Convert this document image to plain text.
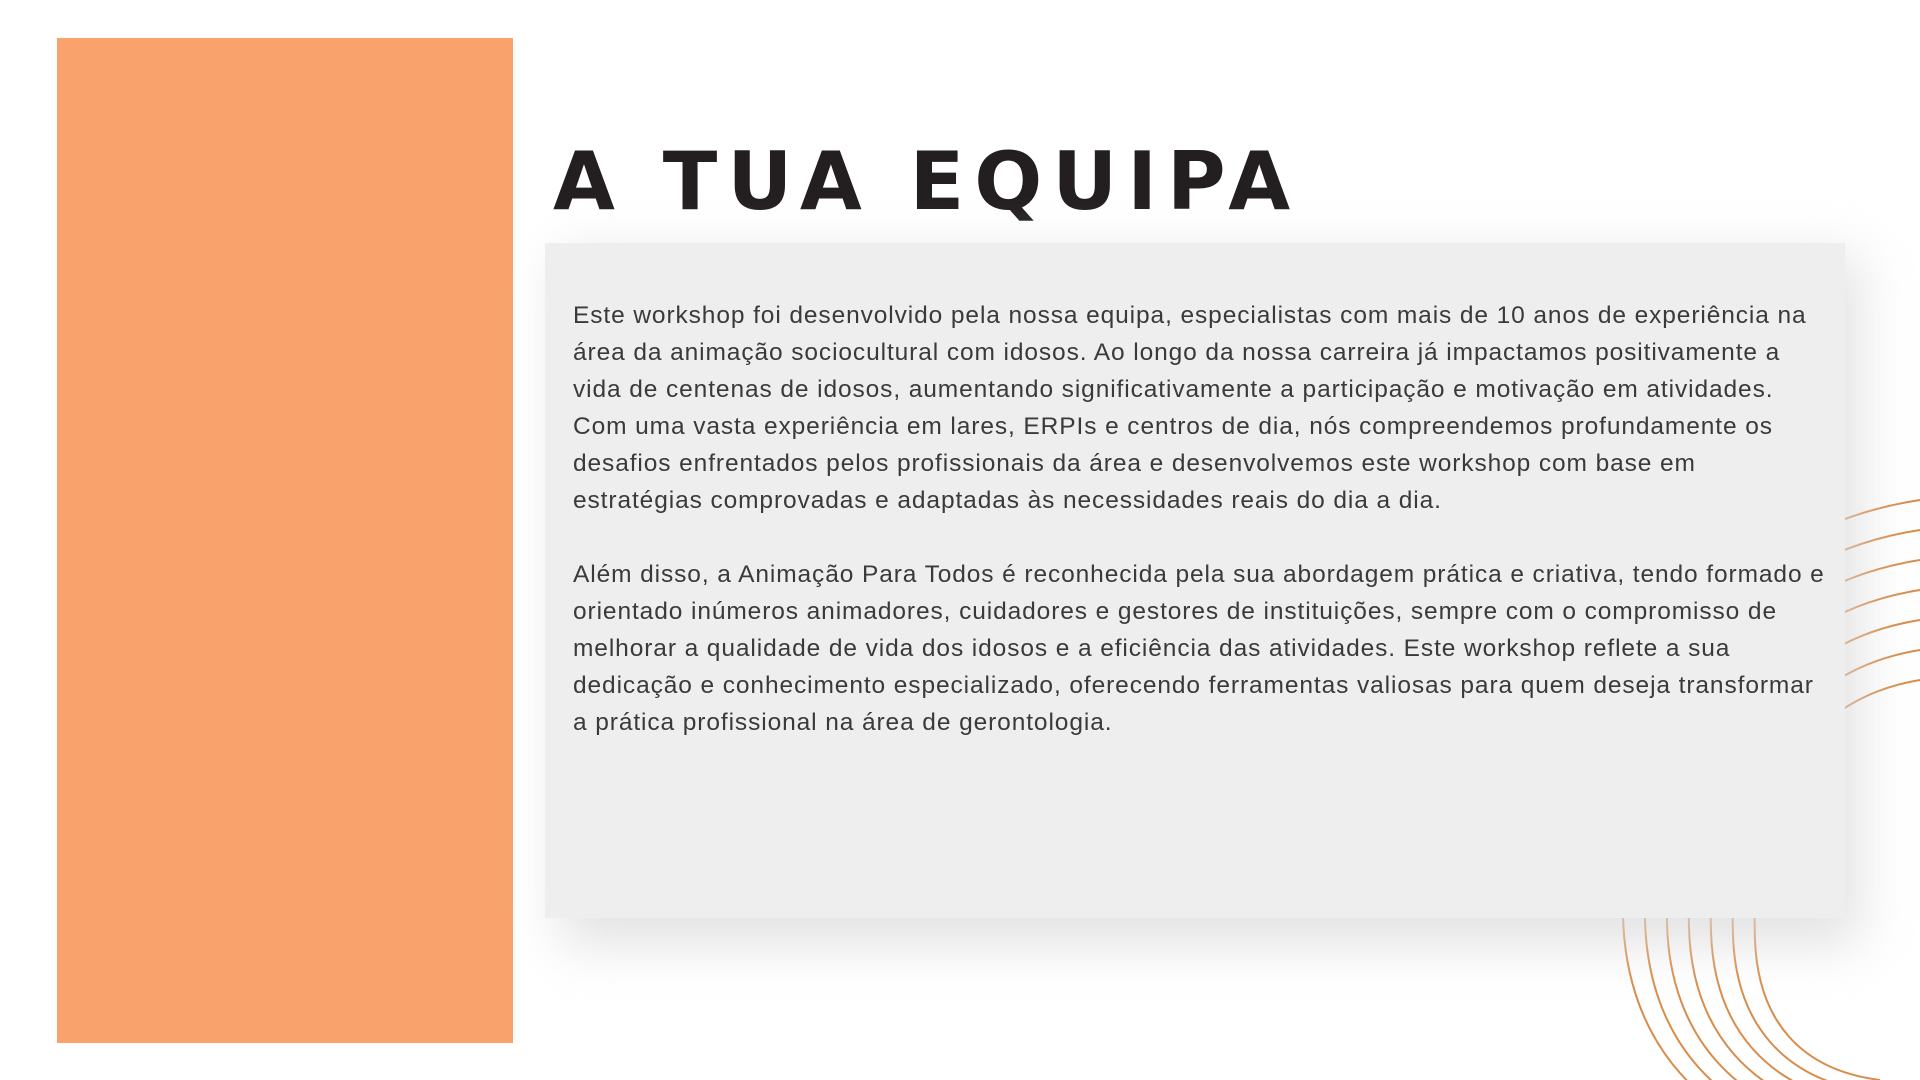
A TUA EQUIPA

Este workshop foi desenvolvido pela nossa equipa, especialistas com mais de 10 anos de experiência na área da animação sociocultural com idosos. Ao longo da nossa carreira já impactamos positivamente a vida de centenas de idosos, aumentando significativamente a participação e motivação em atividades.

Com uma vasta experiência em lares, ERPIs e centros de dia, nós compreendemos profundamente os desafios enfrentados pelos profissionais da área e desenvolvemos este workshop com base em estratégias comprovadas e adaptadas às necessidades reais do dia a dia.

Além disso, a Animação Para Todos é reconhecida pela sua abordagem prática e criativa, tendo formado e orientado inúmeros animadores, cuidadores e gestores de instituições, sempre com o compromisso de melhorar a qualidade de vida dos idosos e a eficiência das atividades. Este workshop reflete a sua dedicação e conhecimento especializado, oferecendo ferramentas valiosas para quem deseja transformar a prática profissional na área de gerontologia.
